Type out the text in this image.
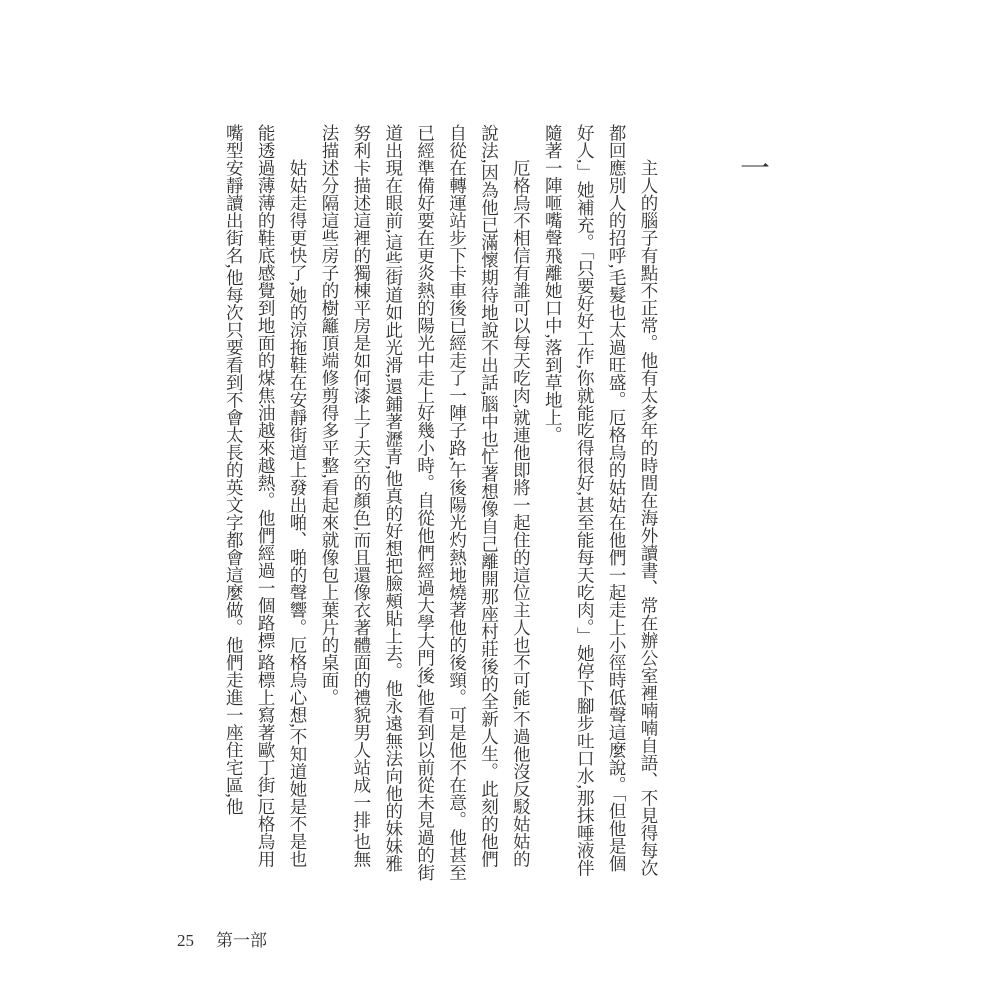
一

主人的腦子有點不正常。他有太多年的時間在海外讀書、常在辦公室裡喃喃自語、不見得每次都回應別人的招呼,毛髮也太過旺盛。厄格烏的姑姑在他們一起走上小徑時低聲這麼說。「但他是個好人,」她補充。「只要好好工作,你就能吃得很好,甚至能每天吃肉。」她停下腳步吐口水,那抹唾液伴隨著一陣咂嘴聲飛離她口中,落到草地上。

厄格烏不相信有誰可以每天吃肉,就連他即將一起住的這位主人也不可能,不過他沒反駁姑姑的說法,因為他已滿懷期待地說不出話,腦中也忙著想像自己離開那座村莊後的全新人生。此刻的他們自從在轉運站步下卡車後已經走了一陣子路,午後陽光灼熱地燒著他的後頸。可是他不在意。他甚至已經準備好要在更炎熱的陽光中走上好幾小時。自從他們經過大學大門後,他看到以前從未見過的街道出現在眼前,這些街道如此光滑,還鋪著瀝青,他真的好想把臉頰貼上去。他永遠無法向他的妹妹雅努利卡描述這裡的獨棟平房是如何漆上了天空的顏色,而且還像衣著體面的禮貌男人站成一排,也無法描述分隔這些房子的樹籬頂端修剪得多平整,看起來就像包上葉片的桌面。

姑姑走得更快了,她的涼拖鞋在安靜街道上發出啪、啪的聲響。厄格烏心想,不知道她是不是也能透過薄薄的鞋底感覺到地面的煤焦油越來越熱。他們經過一個路標,路標上寫著歐丁街,厄格烏用嘴型安靜讀出街名,他每次只要看到不會太長的英文字都會這麼做。他們走進一座住宅區,他

25 第一部
